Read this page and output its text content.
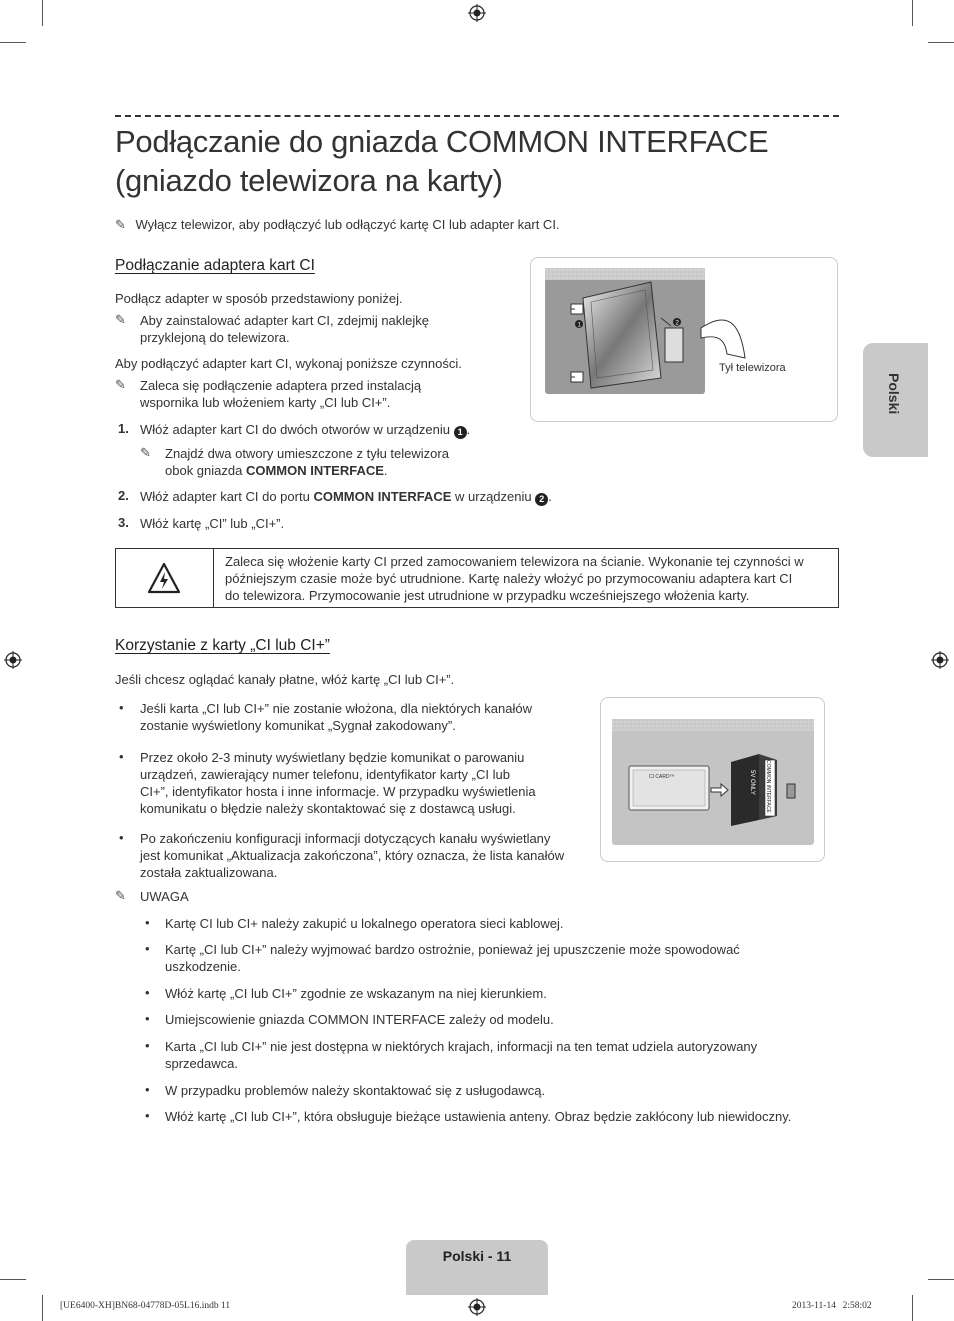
Podłączanie do gniazda COMMON INTERFACE
(gniazdo telewizora na karty)
✎ Wyłącz telewizor, aby podłączyć lub odłączyć kartę CI lub adapter kart CI.
Podłączanie adaptera kart CI
Podłącz adapter w sposób przedstawiony poniżej.
✎ Aby zainstalować adapter kart CI, zdejmij naklejkę
przyklejoną do telewizora.
Aby podłączyć adapter kart CI, wykonaj poniższe czynności.
✎ Zaleca się podłączenie adaptera przed instalacją
wspornika lub włożeniem karty „CI lub CI+”.
1. Włóż adapter kart CI do dwóch otworów w urządzeniu 1 .
✎ Znajdź dwa otwory umieszczone z tyłu telewizora
obok gniazda COMMON INTERFACE.
2. Włóż adapter kart CI do portu COMMON INTERFACE w urządzeniu 2 .
3. Włóż kartę „CI” lub „CI+”.
1	2
Tył telewizora
Polski
Zaleca się włożenie karty CI przed zamocowaniem telewizora na ścianie. Wykonanie tej czynności w
późniejszym czasie może być utrudnione. Kartę należy włożyć po przymocowaniu adaptera kart CI
do telewizora. Przymocowanie jest utrudnione w przypadku wcześniejszego włożenia karty.
Korzystanie z karty „CI lub CI+”
Jeśli chcesz oglądać kanały płatne, włóż kartę „CI lub CI+”.
• Jeśli karta „CI lub CI+” nie zostanie włożona, dla niektórych kanałów
zostanie wyświetlony komunikat „Sygnał zakodowany”.
• Przez około 2-3 minuty wyświetlany będzie komunikat o parowaniu
urządzeń, zawierający numer telefonu, identyfikator karty „CI lub
CI+”, identyfikator hosta i inne informacje. W przypadku wyświetlenia
komunikatu o błędzie należy skontaktować się z dostawcą usługi.
• Po zakończeniu konfiguracji informacji dotyczących kanału wyświetlany
jest komunikat „Aktualizacja zakończona”, który oznacza, że lista kanałów
została zaktualizowana.
CI CARD™	COMMON INTERFACE
5V ONLY
✎ UWAGA
• Kartę CI lub CI+ należy zakupić u lokalnego operatora sieci kablowej.
• Kartę „CI lub CI+” należy wyjmować bardzo ostrożnie, ponieważ jej upuszczenie może spowodować
uszkodzenie.
• Włóż kartę „CI lub CI+” zgodnie ze wskazanym na niej kierunkiem.
• Umiejscowienie gniazda COMMON INTERFACE zależy od modelu.
• Karta „CI lub CI+” nie jest dostępna w niektórych krajach, informacji na ten temat udziela autoryzowany
sprzedawca.
• W przypadku problemów należy skontaktować się z usługodawcą.
• Włóż kartę „CI lub CI+”, która obsługuje bieżące ustawienia anteny. Obraz będzie zakłócony lub niewidoczny.
Polski - 11
[UE6400-XH]BN68-04778D-05L16.indb 11	2013-11-14   2:58:02
